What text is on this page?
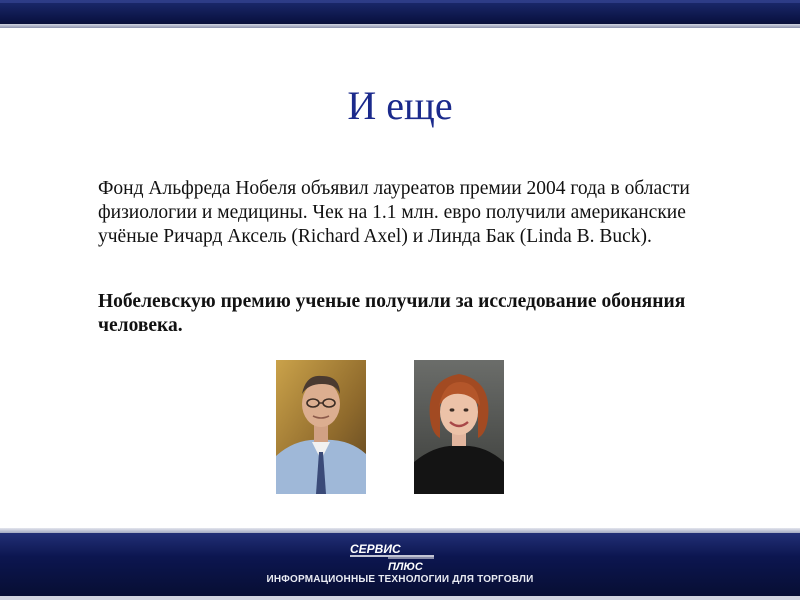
И еще

Фонд Альфреда Нобеля объявил лауреатов премии 2004 года в области физиологии и медицины. Чек на 1.1 млн. евро получили американские учёные Ричард Аксель (Richard Axel) и Линда Бак (Linda B. Buck).

Нобелевскую премию ученые получили за исследование обоняния человека.

СЕРВИС
ПЛЮС
ИНФОРМАЦИОННЫЕ ТЕХНОЛОГИИ ДЛЯ ТОРГОВЛИ
